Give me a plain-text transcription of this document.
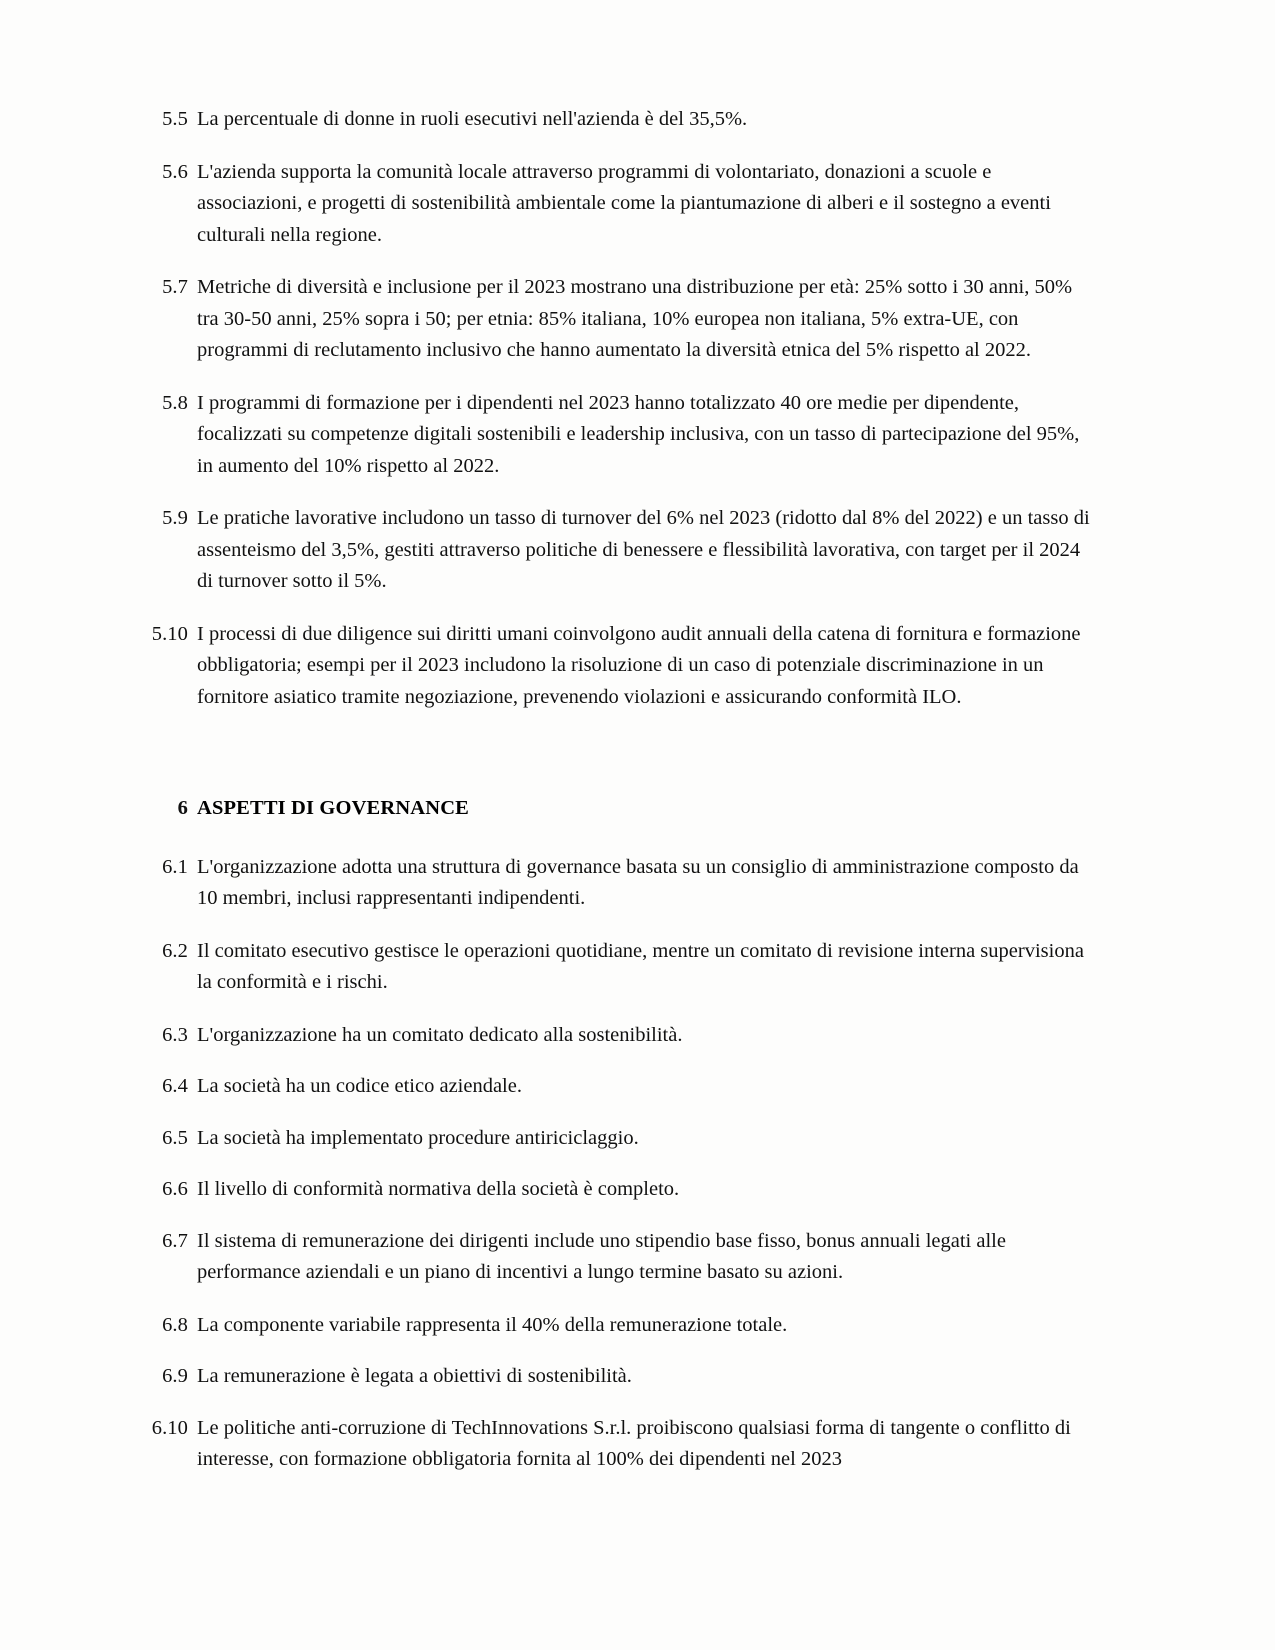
5.5 La percentuale di donne in ruoli esecutivi nell'azienda è del 35,5%.
5.6 L'azienda supporta la comunità locale attraverso programmi di volontariato, donazioni a scuole e associazioni, e progetti di sostenibilità ambientale come la piantumazione di alberi e il sostegno a eventi culturali nella regione.
5.7 Metriche di diversità e inclusione per il 2023 mostrano una distribuzione per età: 25% sotto i 30 anni, 50% tra 30-50 anni, 25% sopra i 50; per etnia: 85% italiana, 10% europea non italiana, 5% extra-UE, con programmi di reclutamento inclusivo che hanno aumentato la diversità etnica del 5% rispetto al 2022.
5.8 I programmi di formazione per i dipendenti nel 2023 hanno totalizzato 40 ore medie per dipendente, focalizzati su competenze digitali sostenibili e leadership inclusiva, con un tasso di partecipazione del 95%, in aumento del 10% rispetto al 2022.
5.9 Le pratiche lavorative includono un tasso di turnover del 6% nel 2023 (ridotto dal 8% del 2022) e un tasso di assenteismo del 3,5%, gestiti attraverso politiche di benessere e flessibilità lavorativa, con target per il 2024 di turnover sotto il 5%.
5.10 I processi di due diligence sui diritti umani coinvolgono audit annuali della catena di fornitura e formazione obbligatoria; esempi per il 2023 includono la risoluzione di un caso di potenziale discriminazione in un fornitore asiatico tramite negoziazione, prevenendo violazioni e assicurando conformità ILO.
6 ASPETTI DI GOVERNANCE
6.1 L'organizzazione adotta una struttura di governance basata su un consiglio di amministrazione composto da 10 membri, inclusi rappresentanti indipendenti.
6.2 Il comitato esecutivo gestisce le operazioni quotidiane, mentre un comitato di revisione interna supervisiona la conformità e i rischi.
6.3 L'organizzazione ha un comitato dedicato alla sostenibilità.
6.4 La società ha un codice etico aziendale.
6.5 La società ha implementato procedure antiriciclaggio.
6.6 Il livello di conformità normativa della società è completo.
6.7 Il sistema di remunerazione dei dirigenti include uno stipendio base fisso, bonus annuali legati alle performance aziendali e un piano di incentivi a lungo termine basato su azioni.
6.8 La componente variabile rappresenta il 40% della remunerazione totale.
6.9 La remunerazione è legata a obiettivi di sostenibilità.
6.10 Le politiche anti-corruzione di TechInnovations S.r.l. proibiscono qualsiasi forma di tangente o conflitto di interesse, con formazione obbligatoria fornita al 100% dei dipendenti nel 2023
